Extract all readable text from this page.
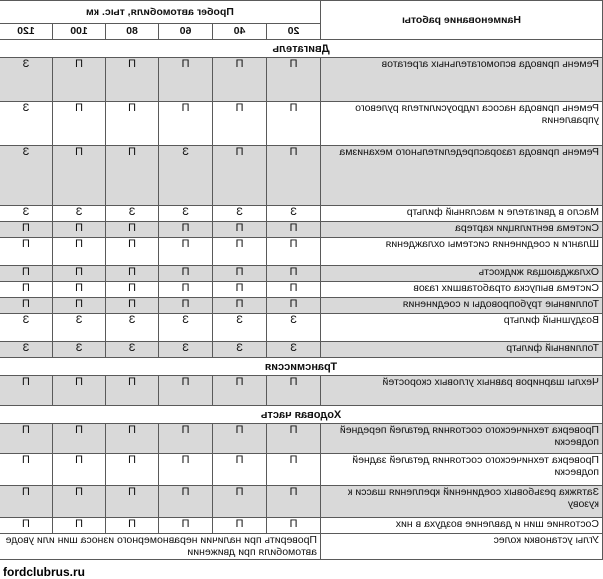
Наименование работы	Пробег автомобиля, тыс. км					
	20	40	60	80	100	120
Двигатель						
Ремень привода вспомогательных агрегатов	П	П	П	П	П	З
Ремень привода насоса гидроусилителя рулевого управления	П	П	П	П	П	З
Ремень привода газораспределительного механизма	П	П	З	П	П	З
Масло в двигателе и масляный фильтр	З	З	З	З	З	З
Система вентиляции картера	П	П	П	П	П	П
Шланги и соединения системы охлаждения	П	П	П	П	П	П
Охлаждающая жидкость	П	П	П	П	П	П
Система выпуска отработавших газов	П	П	П	П	П	П
Топливные трубопроводы и соединения	П	П	П	П	П	П
Воздушный фильтр	З	З	З	З	З	З
Топливный фильтр	З	З	З	З	З	З
Трансмиссия						
Чехлы шарниров равных угловых скоростей	П	П	П	П	П	П
Ходовая часть						
Проверка технического состояния деталей передней подвески	П	П	П	П	П	П
Проверка технического состояния деталей задней подвески	П	П	П	П	П	П
Затяжка резьбовых соединений крепления шасси к кузову	П	П	П	П	П	П
Состояние шин и давление воздуха в них	П	П	П	П	П	П
Углы установки колес	Проверить при наличии неравномерного износа шин или уводе автомобиля при движении					
fordclubrus.ru
